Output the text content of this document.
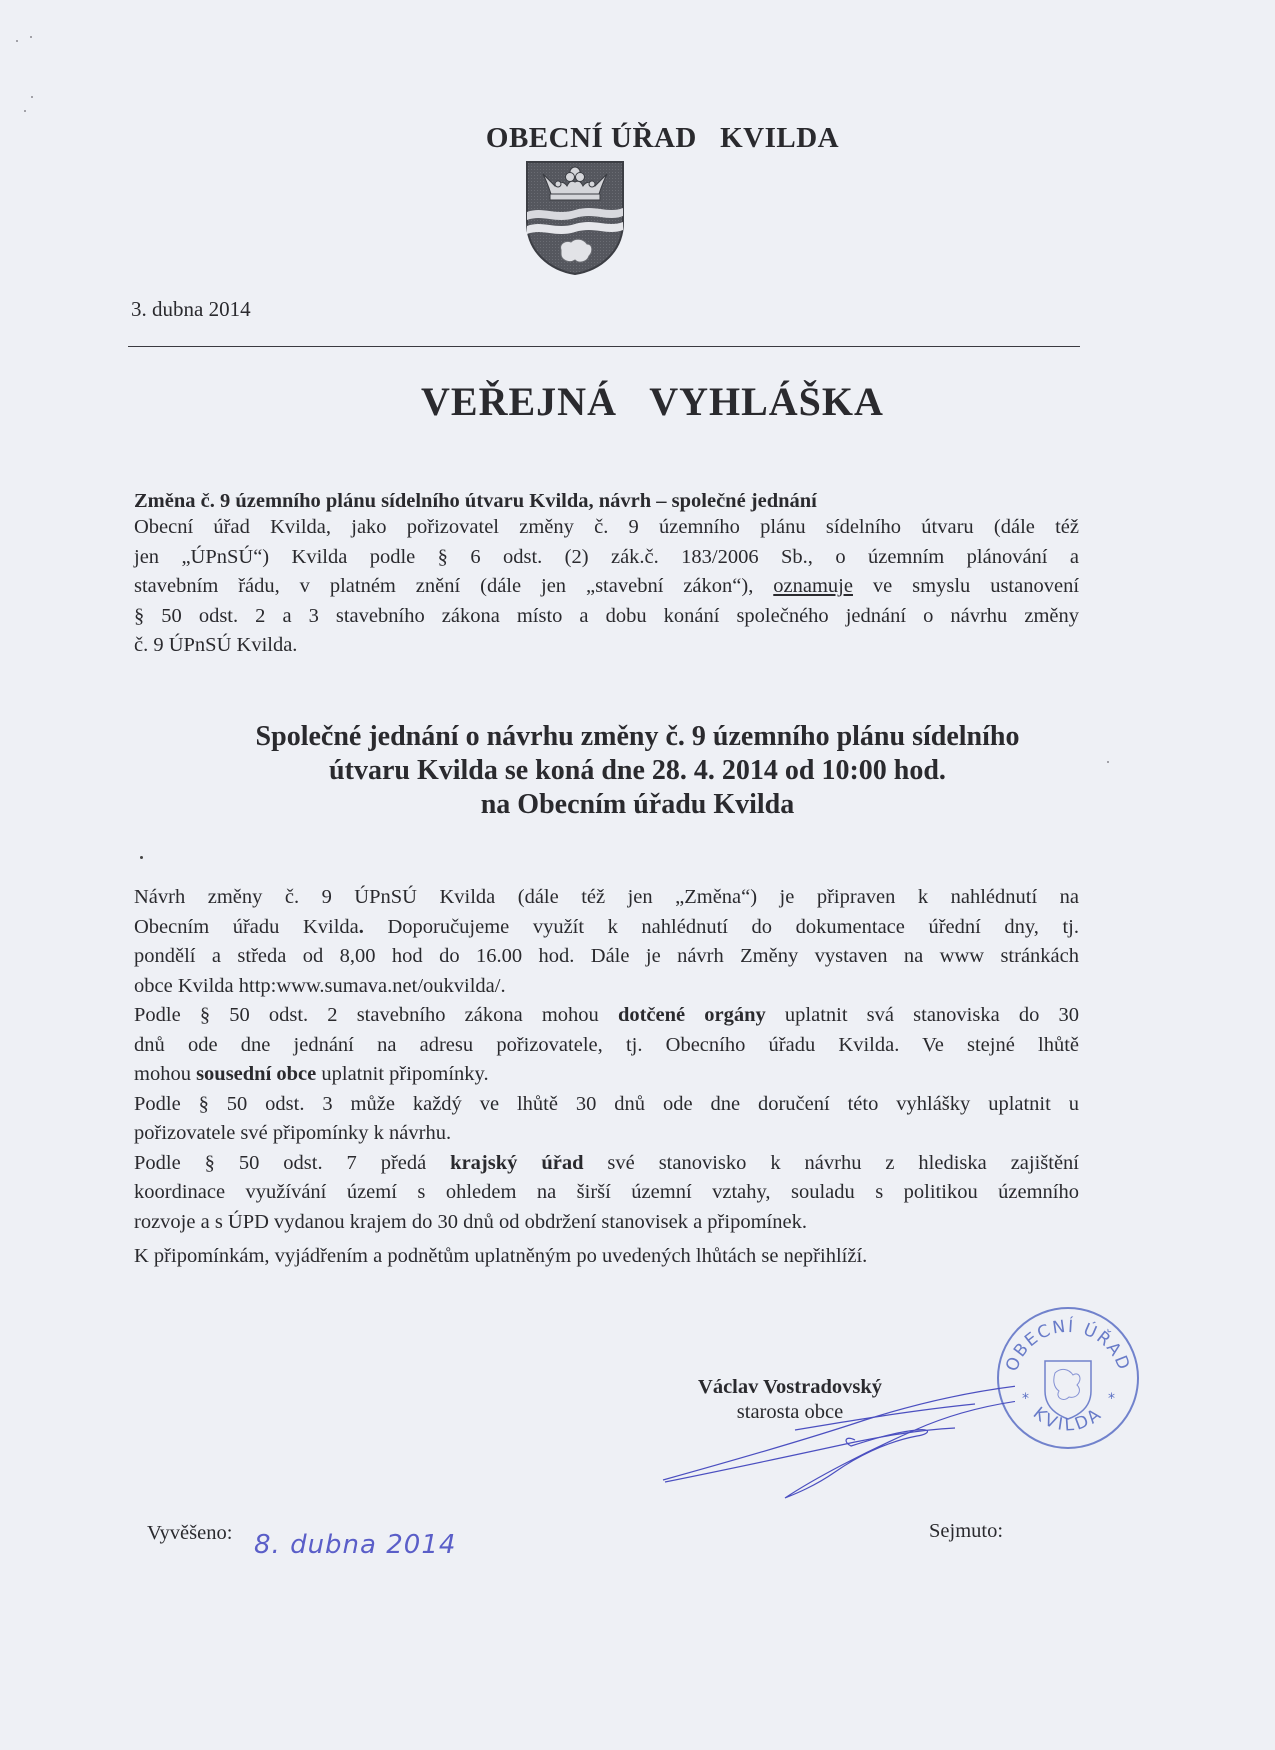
OBECNÍ ÚŘAD   KVILDA
3. dubna 2014
VEŘEJNÁ   VYHLÁŠKA
Změna č. 9 územního plánu sídelního útvaru Kvilda, návrh – společné jednání
Obecní úřad Kvilda, jako pořizovatel změny č. 9 územního plánu sídelního útvaru (dále též
jen „ÚPnSÚ“) Kvilda podle § 6 odst. (2) zák.č. 183/2006 Sb., o územním plánování a
stavebním řádu, v platném znění (dále jen „stavební zákon“), oznamuje ve smyslu ustanovení
§ 50 odst. 2 a 3 stavebního zákona místo a dobu konání společného jednání o návrhu změny
č. 9 ÚPnSÚ Kvilda.
Společné jednání o návrhu změny č. 9 územního plánu sídelního
útvaru Kvilda se koná dne 28. 4. 2014 od 10:00 hod.
na Obecním úřadu Kvilda
Návrh změny č. 9 ÚPnSÚ Kvilda (dále též jen „Změna“) je připraven k nahlédnutí na
Obecním úřadu Kvilda. Doporučujeme využít k nahlédnutí do dokumentace úřední dny, tj.
pondělí a středa od 8,00 hod do 16.00 hod. Dále je návrh Změny vystaven na www stránkách
obce Kvilda http:www.sumava.net/oukvilda/.
Podle § 50 odst. 2 stavebního zákona mohou dotčené orgány uplatnit svá stanoviska do 30
dnů ode dne jednání na adresu pořizovatele, tj. Obecního úřadu Kvilda. Ve stejné lhůtě
mohou sousední obce uplatnit připomínky.
Podle § 50 odst. 3 může každý ve lhůtě 30 dnů ode dne doručení této vyhlášky uplatnit u
pořizovatele své připomínky k návrhu.
Podle § 50 odst. 7 předá krajský úřad své stanovisko k návrhu z hlediska zajištění
koordinace využívání území s ohledem na širší územní vztahy, souladu s politikou územního
rozvoje a s ÚPD vydanou krajem do 30 dnů od obdržení stanovisek a připomínek.
K připomínkám, vyjádřením a podnětům uplatněným po uvedených lhůtách se nepřihlíží.
Václav Vostradovský
starosta obce
OBECNÍ ÚŘAD
KVILDA
*	*
Vyvěšeno: 8. dubna 2014	Sejmuto:
